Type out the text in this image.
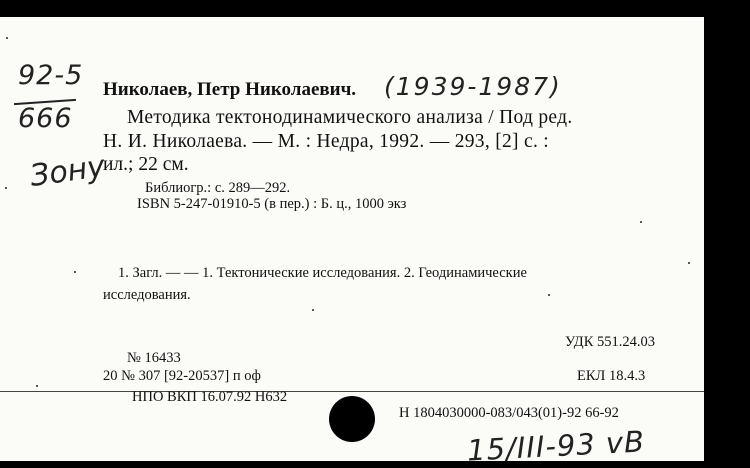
92-5
666
Зону
Николаев, Петр Николаевич. (1939-1987)
Методика тектонодинамического анализа / Под ред.
Н. И. Николаева. — М. : Недра, 1992. — 293, [2] с. :
ил.; 22 см.
Библиогр.: с. 289—292.
ISBN 5-247-01910-5 (в пер.) : Б. ц., 1000 экз
1. Загл. — — 1. Тектонические исследования. 2. Геодинамические
исследования.
УДК 551.24.03
№ 16433
20 № 307 [92-20537] п оф	ЕКЛ 18.4.3
НПО ВКП 16.07.92 Н632
Н 1804030000-083/043(01)-92 66-92
15/III-93 vB
